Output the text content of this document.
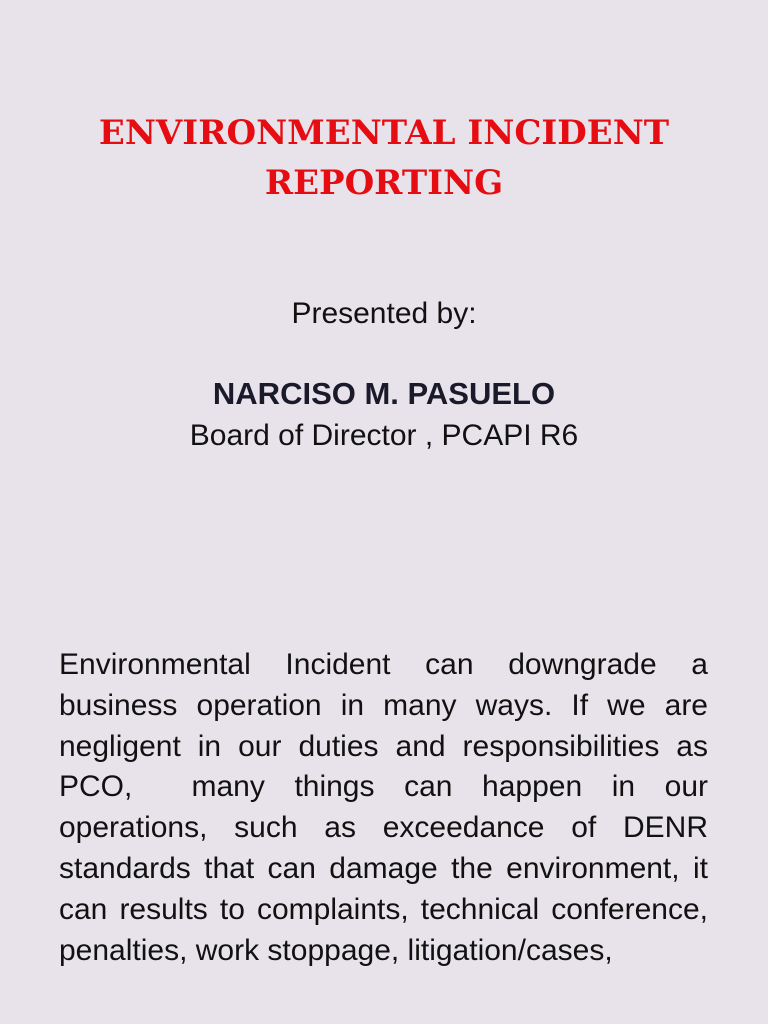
ENVIRONMENTAL INCIDENT
REPORTING
Presented by:
NARCISO M. PASUELO
Board of Director , PCAPI R6

Environmental Incident can downgrade a business operation in many ways. If we are negligent in our duties and responsibilities as PCO,  many things can happen in our operations, such as exceedance of DENR standards that can damage the environment, it can results to complaints, technical conference, penalties, work stoppage, litigation/cases,
